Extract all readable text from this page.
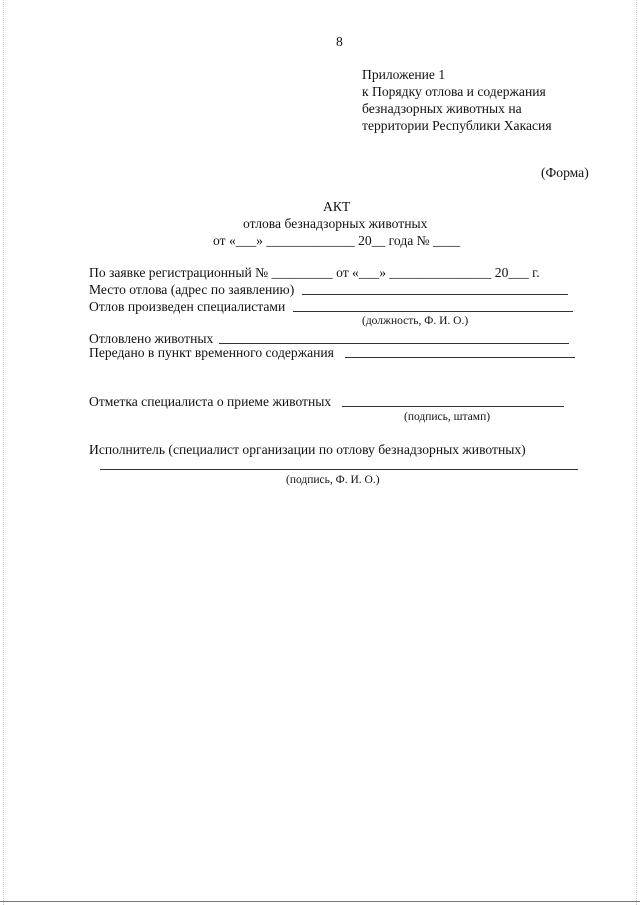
8
Приложение 1
к Порядку отлова и содержания
безнадзорных животных на
территории Республики Хакасия
(Форма)
АКТ
отлова безнадзорных животных
от «___» _____________ 20__ года № ____
По заявке регистрационный № _________ от «___» _______________ 20___ г.
Место отлова (адрес по заявлению)
Отлов произведен специалистами
(должность, Ф. И. О.)
Отловлено животных
Передано в пункт временного содержания
Отметка специалиста о приеме животных
(подпись, штамп)
Исполнитель (специалист организации по отлову безнадзорных животных)
(подпись, Ф. И. О.)
